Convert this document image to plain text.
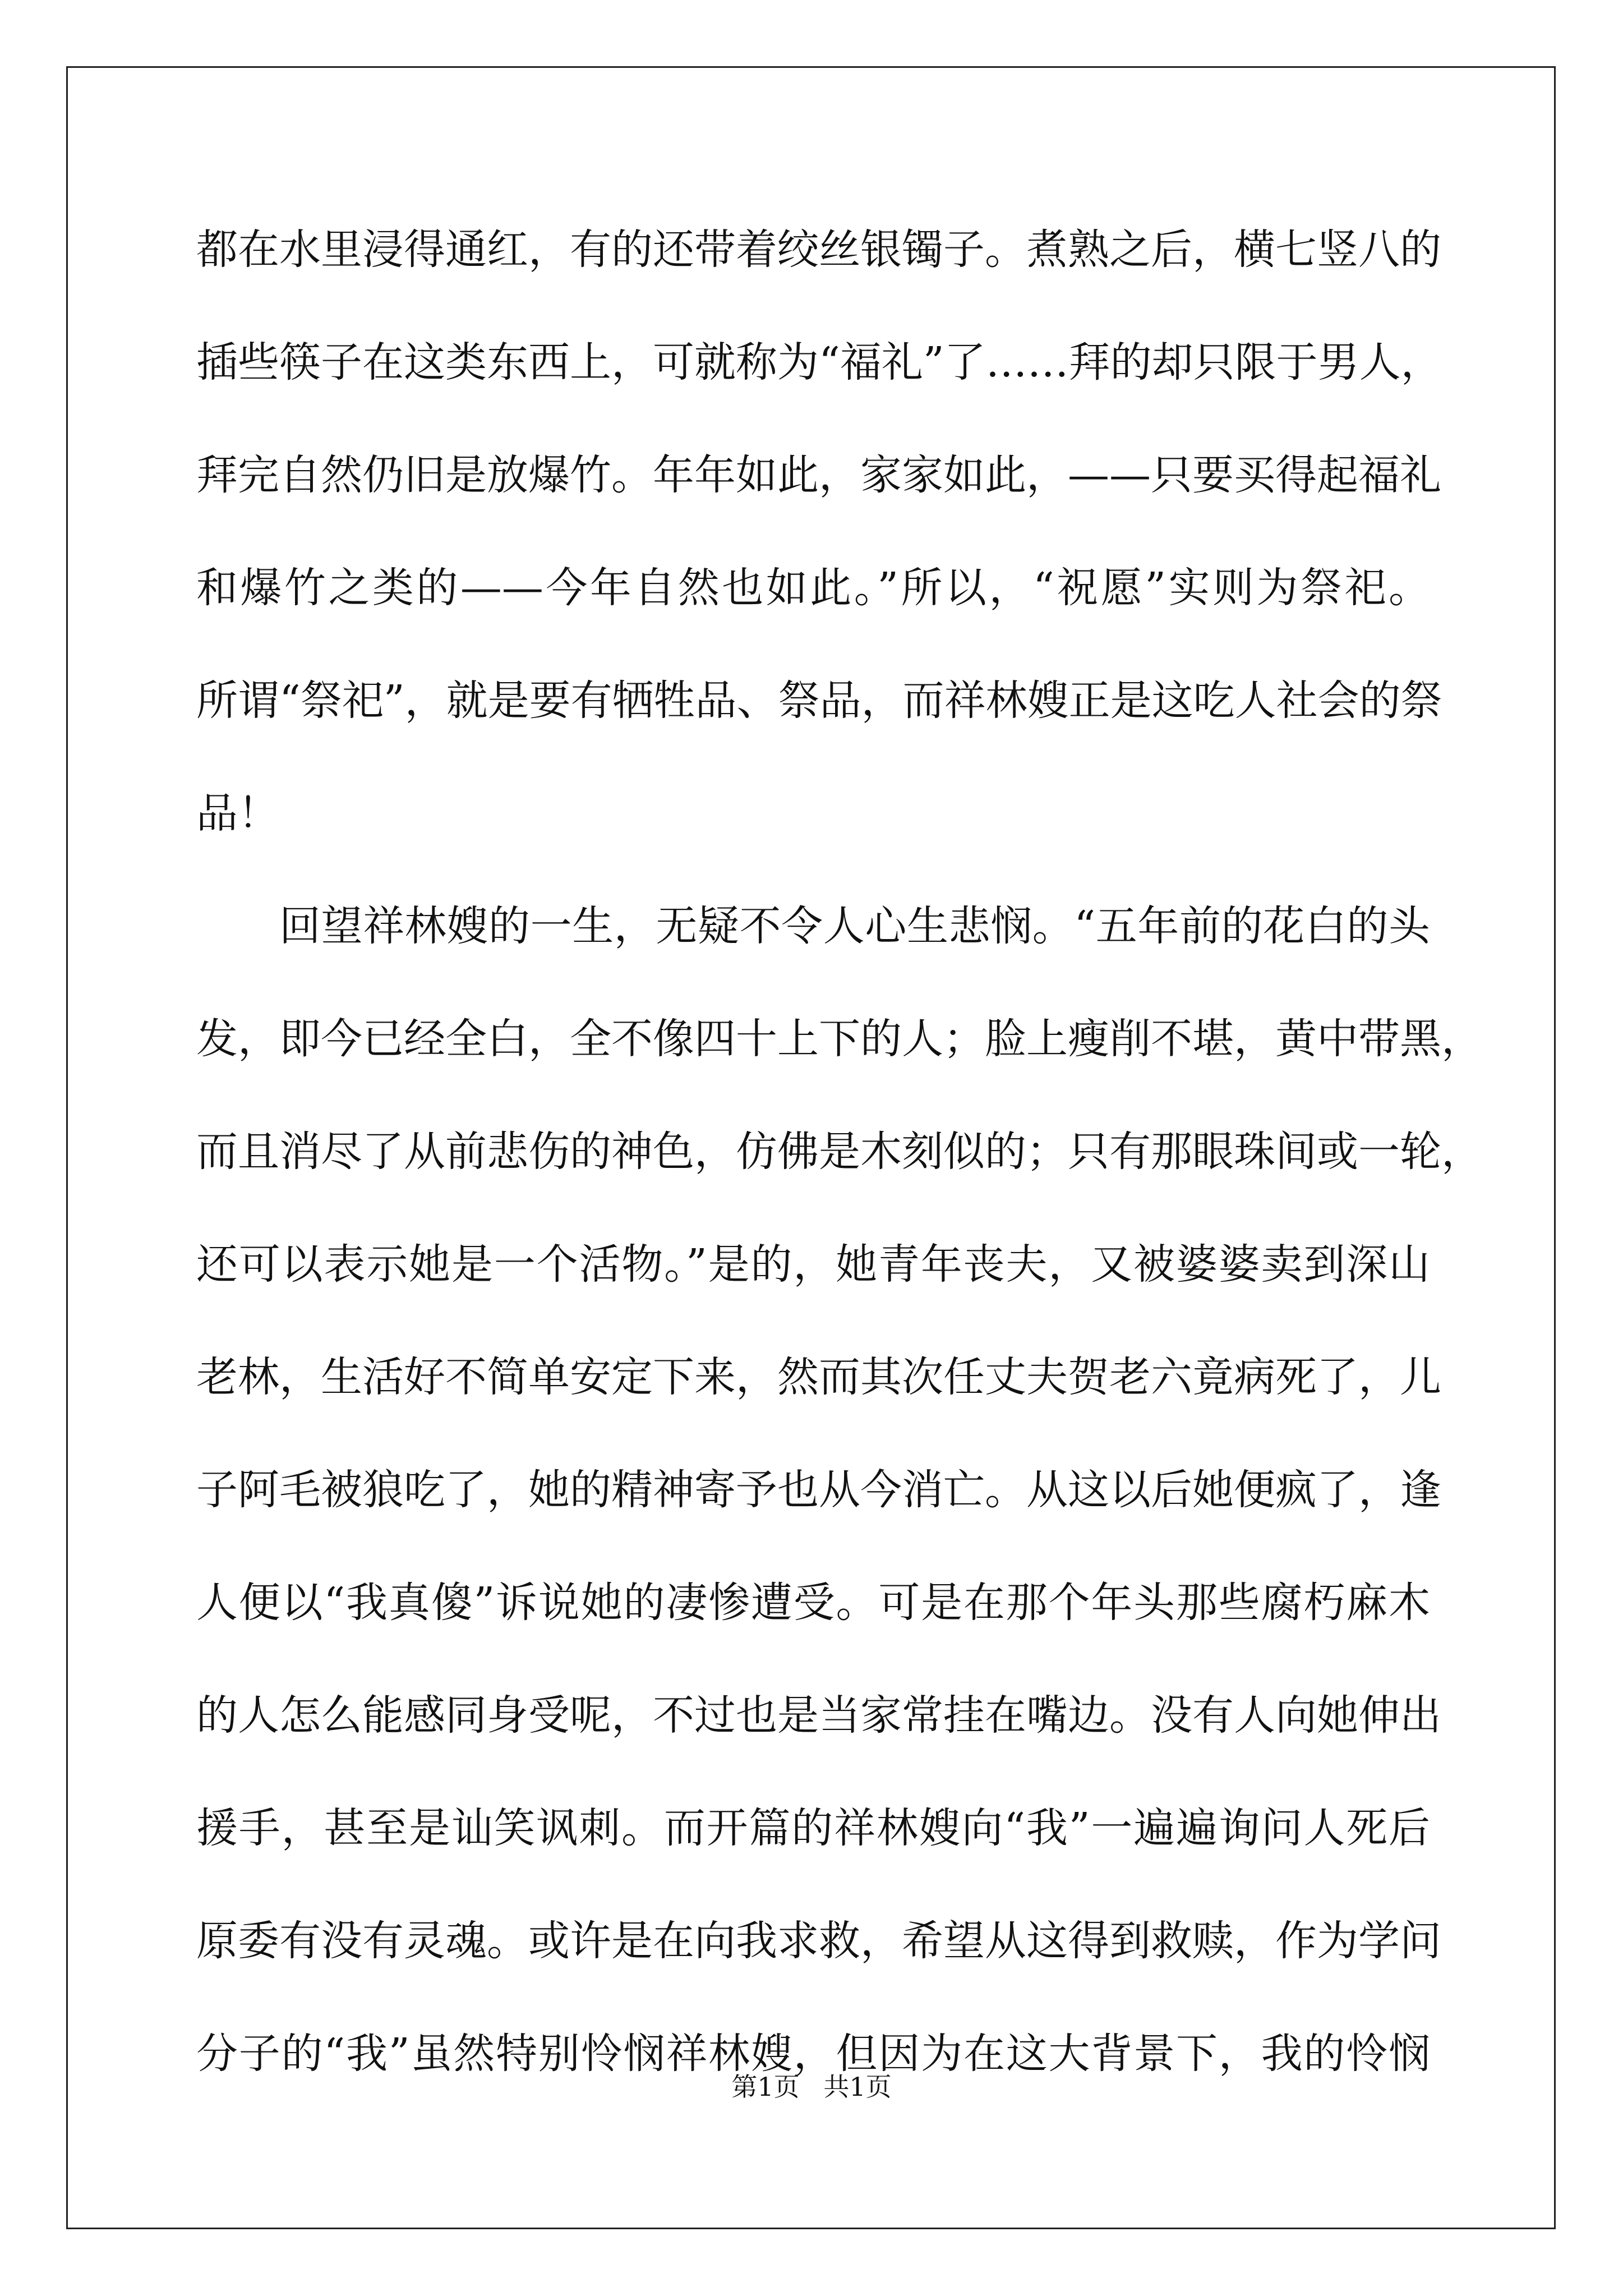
都在水里浸得通红，有的还带着绞丝银镯子。煮熟之后，横七竖八的
插些筷子在这类东西上，可就称为“福礼”了……拜的却只限于男人，
拜完自然仍旧是放爆竹。年年如此，家家如此，——只要买得起福礼
和爆竹之类的——今年自然也如此。”所以，“祝愿”实则为祭祀。
所谓“祭祀”，就是要有牺牲品、祭品，而祥林嫂正是这吃人社会的祭
品！
回望祥林嫂的一生，无疑不令人心生悲悯。“五年前的花白的头
发，即今已经全白，全不像四十上下的人；脸上瘦削不堪，黄中带黑，
而且消尽了从前悲伤的神色，仿佛是木刻似的；只有那眼珠间或一轮，
还可以表示她是一个活物。”是的，她青年丧夫，又被婆婆卖到深山
老林，生活好不简单安定下来，然而其次任丈夫贺老六竟病死了，儿
子阿毛被狼吃了，她的精神寄予也从今消亡。从这以后她便疯了，逢
人便以“我真傻”诉说她的凄惨遭受。可是在那个年头那些腐朽麻木
的人怎么能感同身受呢，不过也是当家常挂在嘴边。没有人向她伸出
援手，甚至是讪笑讽刺。而开篇的祥林嫂向“我”一遍遍询问人死后
原委有没有灵魂。或许是在向我求救，希望从这得到救赎，作为学问
分子的“我”虽然特别怜悯祥林嫂，但因为在这大背景下，我的怜悯
第1页 共1页
